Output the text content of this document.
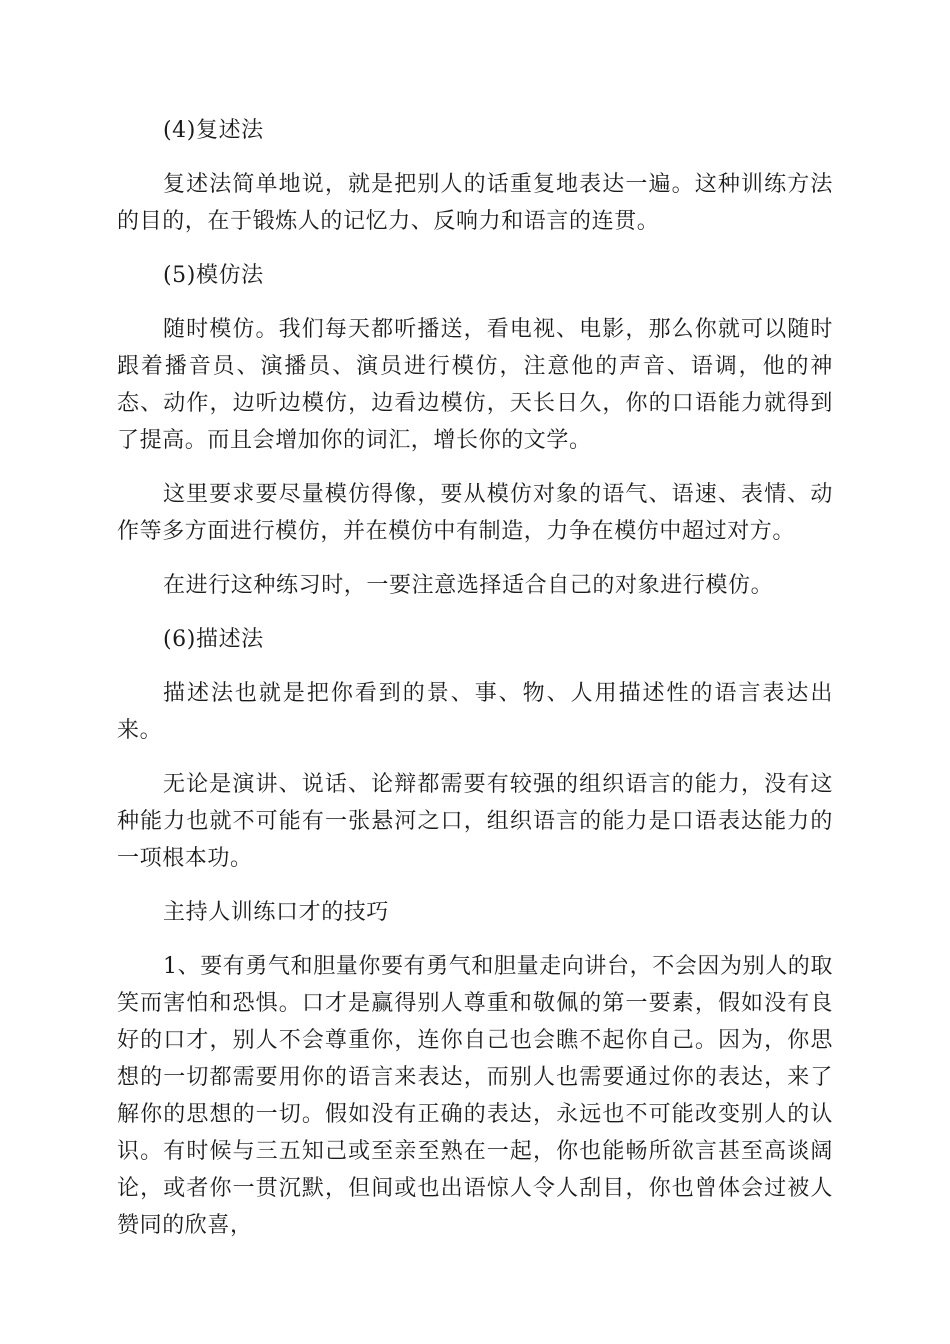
(4)复述法

复述法简单地说，就是把别人的话重复地表达一遍。这种训练方法的目的，在于锻炼人的记忆力、反响力和语言的连贯。

(5)模仿法

随时模仿。我们每天都听播送，看电视、电影，那么你就可以随时跟着播音员、演播员、演员进行模仿，注意他的声音、语调，他的神态、动作，边听边模仿，边看边模仿，天长日久，你的口语能力就得到了提高。而且会增加你的词汇，增长你的文学。

这里要求要尽量模仿得像，要从模仿对象的语气、语速、表情、动作等多方面进行模仿，并在模仿中有制造，力争在模仿中超过对方。

在进行这种练习时，一要注意选择适合自己的对象进行模仿。

(6)描述法

描述法也就是把你看到的景、事、物、人用描述性的语言表达出来。

无论是演讲、说话、论辩都需要有较强的组织语言的能力，没有这种能力也就不可能有一张悬河之口，组织语言的能力是口语表达能力的一项根本功。

主持人训练口才的技巧

1、要有勇气和胆量你要有勇气和胆量走向讲台，不会因为别人的取笑而害怕和恐惧。口才是赢得别人尊重和敬佩的第一要素，假如没有良好的口才，别人不会尊重你，连你自己也会瞧不起你自己。因为，你思想的一切都需要用你的语言来表达，而别人也需要通过你的表达，来了解你的思想的一切。假如没有正确的表达，永远也不可能改变别人的认识。有时候与三五知己或至亲至熟在一起，你也能畅所欲言甚至高谈阔论，或者你一贯沉默，但间或也出语惊人令人刮目，你也曾体会过被人赞同的欣喜，
